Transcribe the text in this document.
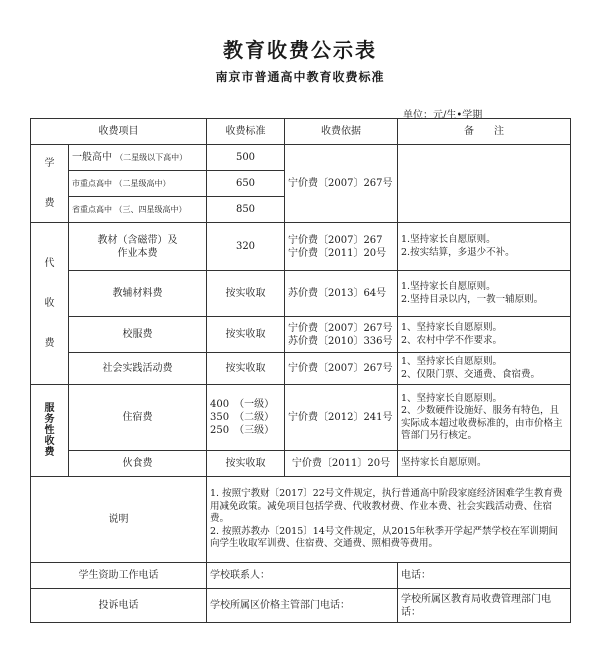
教育收费公示表
南京市普通高中教育收费标准
单位：元/生•学期
收费项目		收费标准	收费依据	备　　注
学

费	一般高中 （二星级以下高中）	500	宁价费〔2007〕267号	
	市重点高中 （二星级高中）	650		
	省重点高中 （三、四星级高中）	850		
代

收

费	教材（含磁带）及
作业本费	320	宁价费〔2007〕267
宁价费〔2011〕20号	1.坚持家长自愿原则。
2.按实结算，多退少不补。
	教辅材料费	按实收取	苏价费〔2013〕64号	1.坚持家长自愿原则。
2.坚持目录以内，一教一辅原则。
	校服费	按实收取	宁价费〔2007〕267号
苏价费〔2010〕336号	1、坚持家长自愿原则。
2、农村中学不作要求。
	社会实践活动费	按实收取	宁价费〔2007〕267号	1、坚持家长自愿原则。
2、仅限门票、交通费、食宿费。
服
务
性
收
费	住宿费	400　（一级）
350　（二级）
250　（三级）	宁价费〔2012〕241号	1、坚持家长自愿原则。
2、少数硬件设施好、服务有特色，且实际成本超过收费标准的，由市价格主管部门另行核定。
	伙食费	按实收取	宁价费〔2011〕20号	坚持家长自愿原则。
说明		1. 按照宁教财〔2017〕22号文件规定，执行普通高中阶段家庭经济困难学生教育费用减免政策。减免项目包括学费、代收教材费、作业本费、社会实践活动费、住宿费。
2. 按照苏教办〔2015〕14号文件规定，从2015年秋季开学起严禁学校在军训期间向学生收取军训费、住宿费、交通费、照相费等费用。		
学生资助工作电话		学校联系人：		电话：
投诉电话		学校所属区价格主管部门电话：		学校所属区教育局收费管理部门电话：
